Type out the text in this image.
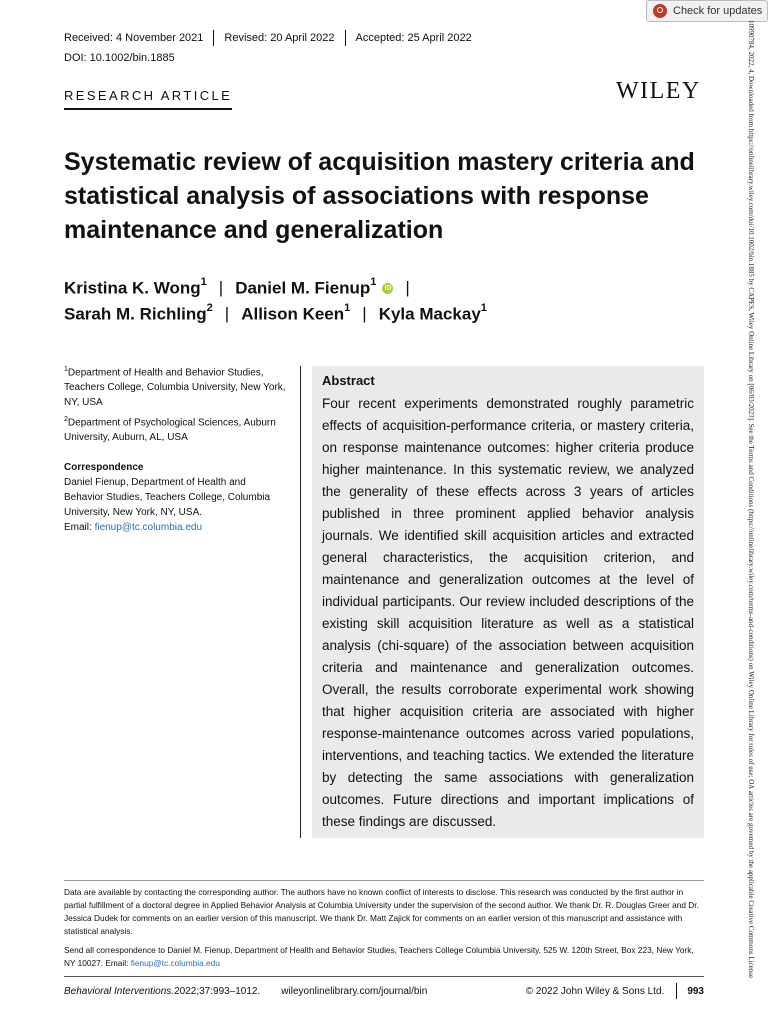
Check for updates
Received: 4 November 2021 Revised: 20 April 2022 Accepted: 25 April 2022
DOI: 10.1002/bin.1885
RESEARCH ARTICLE	WILEY
Systematic review of acquisition mastery criteria and statistical analysis of associations with response maintenance and generalization
Kristina K. Wong$^1$ | Daniel M. Fienup$^1$
iD |
Sarah M. Richling$^2$ | Allison Keen$^1$ | Kyla Mackay$^1$
$^1$Department of Health and Behavior Studies, Teachers College, Columbia University, New York, NY, USA
$^2$Department of Psychological Sciences, Auburn University, Auburn, AL, USA
Correspondence
Daniel Fienup, Department of Health and Behavior Studies, Teachers College, Columbia University, New York, NY, USA.
Email: fienup@tc.columbia.edu
Abstract
Four recent experiments demonstrated roughly parametric effects of acquisition-performance criteria, or mastery criteria, on response maintenance outcomes: higher criteria produce higher maintenance. In this systematic review, we analyzed the generality of these effects across 3 years of articles published in three prominent applied behavior analysis journals. We identified skill acquisition articles and extracted general characteristics, the acquisition criterion, and maintenance and generalization outcomes at the level of individual participants. Our review included descriptions of the existing skill acquisition literature as well as a statistical analysis (chi-square) of the association between acquisition criteria and maintenance and generalization outcomes. Overall, the results corroborate experimental work showing that higher acquisition criteria are associated with higher response-maintenance outcomes across varied populations, interventions, and teaching tactics. We extended the literature by detecting the same associations with generalization outcomes. Future directions and important implications of these findings are discussed.	10990784, 2022, 4, Downloaded from https://onlinelibrary.wiley.com/doi/10.1002/bin.1885 by CAPES, Wiley Online Library on [06/03/2023]. See the Terms and Conditions (https://onlinelibrary.wiley.com/terms-and-conditions) on Wiley Online Library for rules of use; OA articles are governed by the applicable Creative Commons License
Data are available by contacting the corresponding author. The authors have no known conflict of interests to disclose. This research was conducted by the first author in partial fulfillment of a doctoral degree in Applied Behavior Analysis at Columbia University under the supervision of the second author. We thank Dr. R. Douglas Greer and Dr. Jessica Dudek for comments on an earlier version of this manuscript. We thank Dr. Matt Zajick for comments on an earlier version of this manuscript and assistance with statistical analysis.
Send all correspondence to Daniel M. Fienup, Department of Health and Behavior Studies, Teachers College Columbia University, 525 W. 120th Street, Box 223, New York, NY 10027. Email: fienup@tc.columbia.edu
Behavioral Interventions. 2022;37:993–1012. wileyonlinelibrary.com/journal/bin	© 2022 John Wiley & Sons Ltd. 993
